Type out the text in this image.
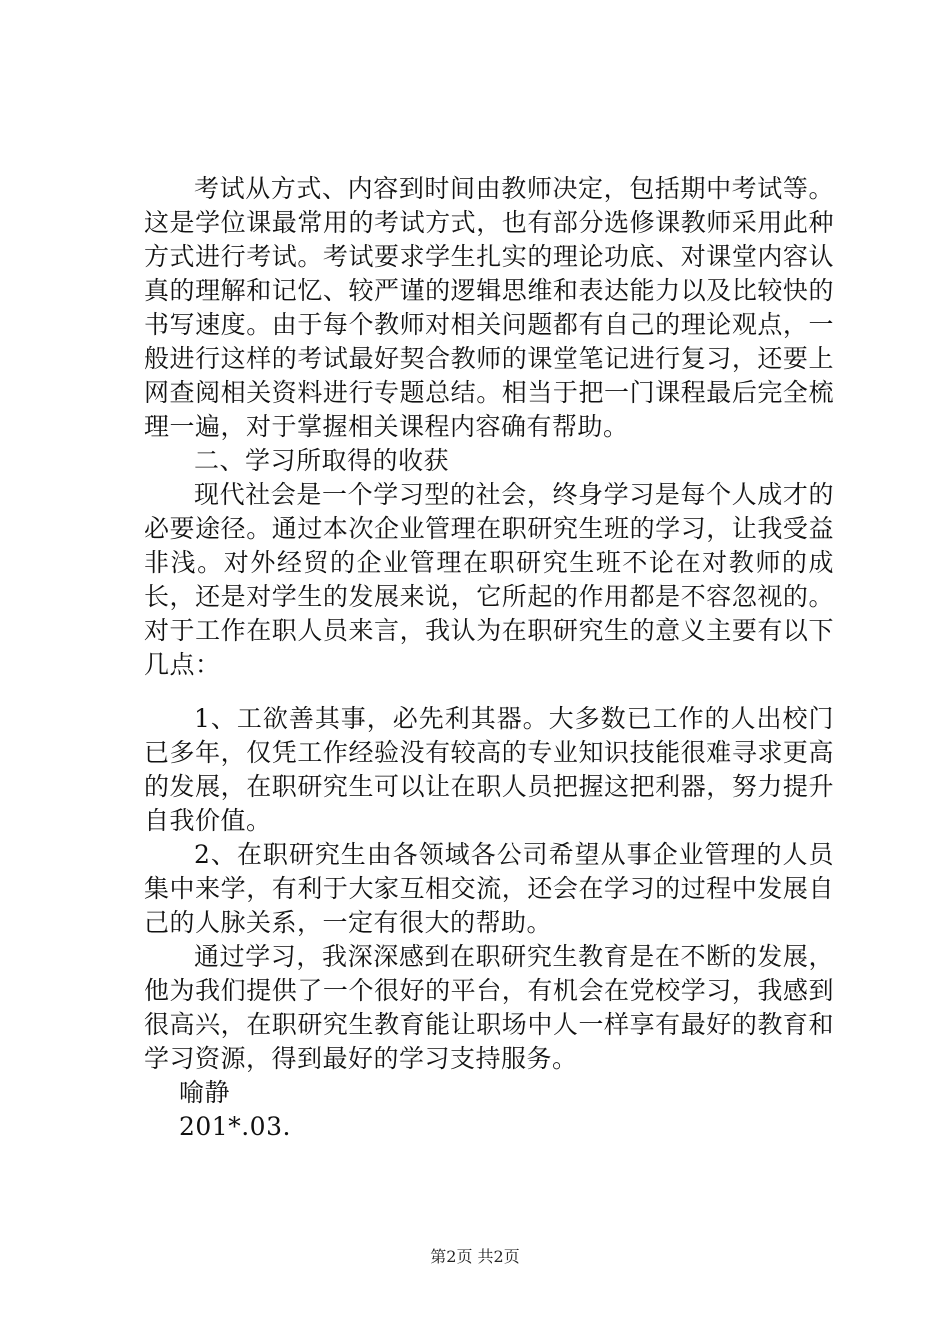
考试从方式、内容到时间由教师决定，包括期中考试等。这是学位课最常用的考试方式，也有部分选修课教师采用此种方式进行考试。考试要求学生扎实的理论功底、对课堂内容认真的理解和记忆、较严谨的逻辑思维和表达能力以及比较快的书写速度。由于每个教师对相关问题都有自己的理论观点，一般进行这样的考试最好契合教师的课堂笔记进行复习，还要上网查阅相关资料进行专题总结。相当于把一门课程最后完全梳理一遍，对于掌握相关课程内容确有帮助。

二、学习所取得的收获

现代社会是一个学习型的社会，终身学习是每个人成才的必要途径。通过本次企业管理在职研究生班的学习，让我受益非浅。对外经贸的企业管理在职研究生班不论在对教师的成长，还是对学生的发展来说，它所起的作用都是不容忽视的。对于工作在职人员来言，我认为在职研究生的意义主要有以下几点：

1、工欲善其事，必先利其器。大多数已工作的人出校门已多年，仅凭工作经验没有较高的专业知识技能很难寻求更高的发展，在职研究生可以让在职人员把握这把利器，努力提升自我价值。

2、在职研究生由各领域各公司希望从事企业管理的人员集中来学，有利于大家互相交流，还会在学习的过程中发展自己的人脉关系，一定有很大的帮助。

通过学习，我深深感到在职研究生教育是在不断的发展，他为我们提供了一个很好的平台，有机会在党校学习，我感到很高兴，在职研究生教育能让职场中人一样享有最好的教育和学习资源，得到最好的学习支持服务。

喻静

201*.03.

第2页 共2页
